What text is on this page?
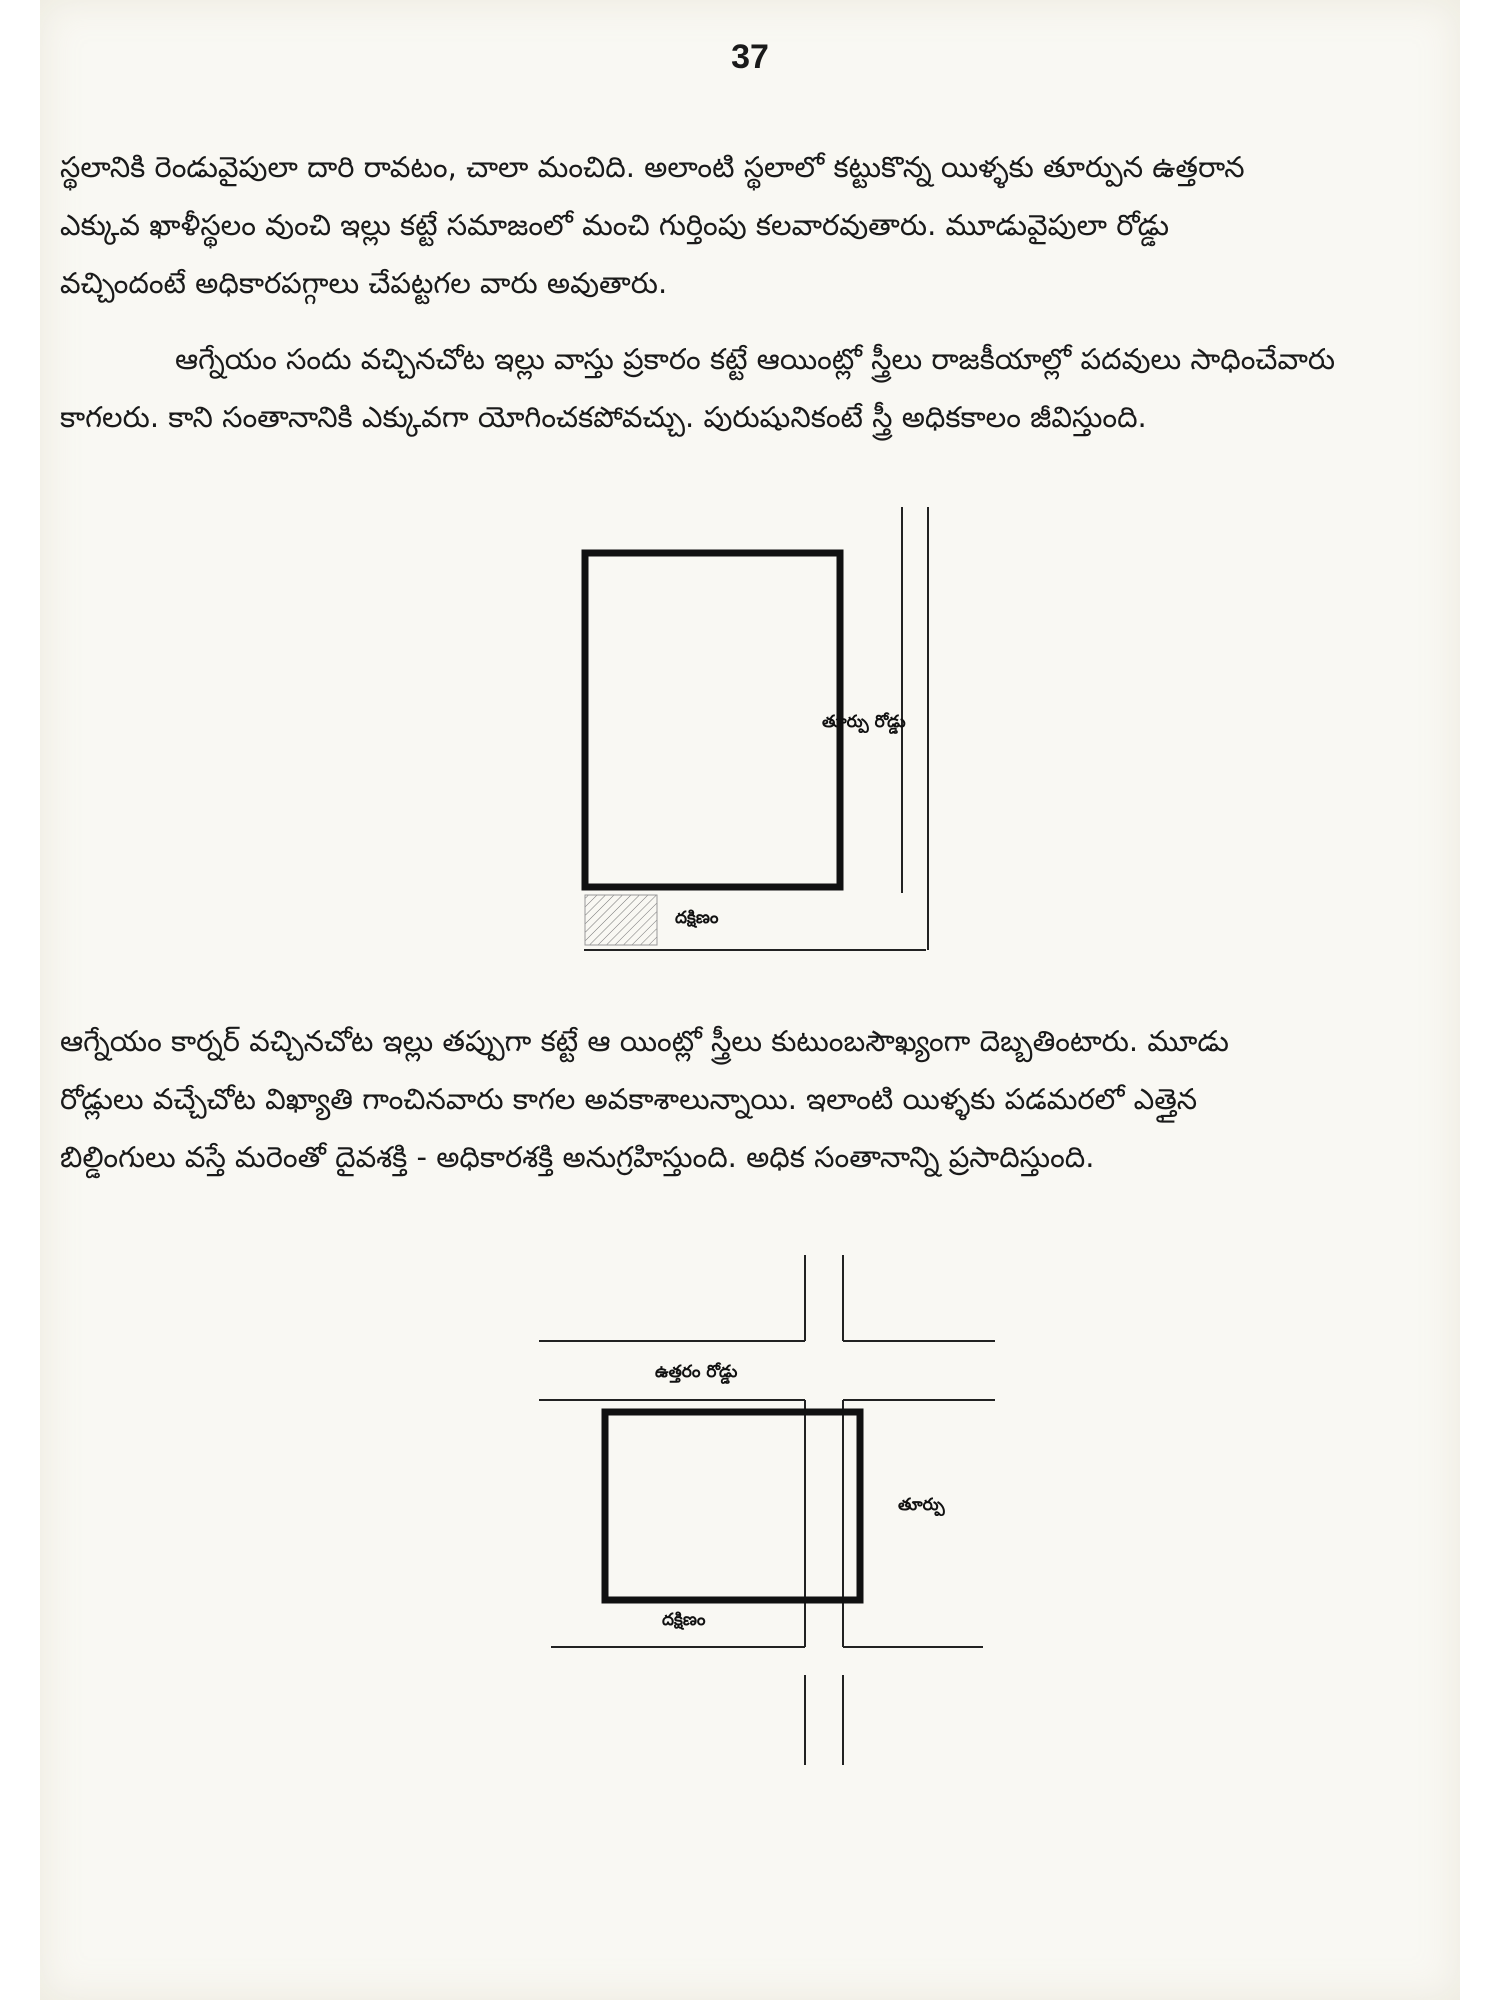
37

స్థలానికి రెండువైపులా దారి రావటం, చాలా మంచిది. అలాంటి స్థలాలో కట్టుకొన్న యిళ్ళకు తూర్పున ఉత్తరాన

ఎక్కువ ఖాళీస్థలం వుంచి ఇల్లు కట్టే సమాజంలో మంచి గుర్తింపు కలవారవుతారు. మూడువైపులా రోడ్డు

వచ్చిందంటే అధికారపగ్గాలు చేపట్టగల వారు అవుతారు.

ఆగ్నేయం సందు వచ్చినచోట ఇల్లు వాస్తు ప్రకారం కట్టే ఆయింట్లో స్త్రీలు రాజకీయాల్లో పదవులు సాధించేవారు

కాగలరు. కాని సంతానానికి ఎక్కువగా యోగించకపోవచ్చు. పురుషునికంటే స్త్రీ అధికకాలం జీవిస్తుంది.

తూర్పు రోడ్డు
దక్షిణం

ఆగ్నేయం కార్నర్ వచ్చినచోట ఇల్లు తప్పుగా కట్టే ఆ యింట్లో స్త్రీలు కుటుంబసౌఖ్యంగా దెబ్బతింటారు. మూడు

రోడ్లులు వచ్చేచోట విఖ్యాతి గాంచినవారు కాగల అవకాశాలున్నాయి. ఇలాంటి యిళ్ళకు పడమరలో ఎత్తైన

బిల్డింగులు వస్తే మరెంతో దైవశక్తి - అధికారశక్తి అనుగ్రహిస్తుంది. అధిక సంతానాన్ని ప్రసాదిస్తుంది.

ఉత్తరం రోడ్డు
తూర్పు
దక్షిణం
